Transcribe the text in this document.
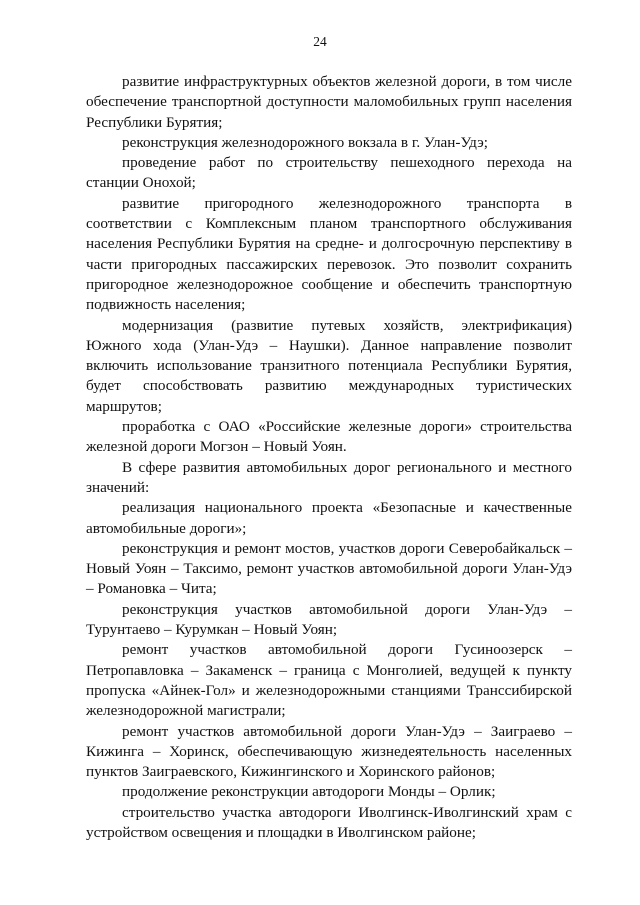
24

развитие инфраструктурных объектов железной дороги, в том числе обеспечение транспортной доступности маломобильных групп населения Республики Бурятия;

реконструкция железнодорожного вокзала в г. Улан-Удэ;

проведение работ по строительству пешеходного перехода на станции Онохой;

развитие пригородного железнодорожного транспорта в соответствии с Комплексным планом транспортного обслуживания населения Республики Бурятия на средне- и долгосрочную перспективу в части пригородных пассажирских перевозок. Это позволит сохранить пригородное железнодорожное сообщение и обеспечить транспортную подвижность населения;

модернизация (развитие путевых хозяйств, электрификация) Южного хода (Улан-Удэ – Наушки). Данное направление позволит включить использование транзитного потенциала Республики Бурятия, будет способствовать развитию международных туристических маршрутов;

проработка с ОАО «Российские железные дороги» строительства железной дороги Могзон – Новый Уоян.

В сфере развития автомобильных дорог регионального и местного значений:

реализация национального проекта «Безопасные и качественные автомобильные дороги»;

реконструкция и ремонт мостов, участков дороги Северобайкальск – Новый Уоян – Таксимо, ремонт участков автомобильной дороги Улан-Удэ – Романовка – Чита;

реконструкция участков автомобильной дороги Улан-Удэ – Турунтаево – Курумкан – Новый Уоян;

ремонт участков автомобильной дороги Гусиноозерск – Петропавловка – Закаменск – граница с Монголией, ведущей к пункту пропуска «Айнек-Гол» и железнодорожными станциями Транссибирской железнодорожной магистрали;

ремонт участков автомобильной дороги Улан-Удэ – Заиграево – Кижинга – Хоринск, обеспечивающую жизнедеятельность населенных пунктов Заиграевского, Кижингинского и Хоринского районов;

продолжение реконструкции автодороги Монды – Орлик;

строительство участка автодороги Иволгинск-Иволгинский храм с устройством освещения и площадки в Иволгинском районе;
